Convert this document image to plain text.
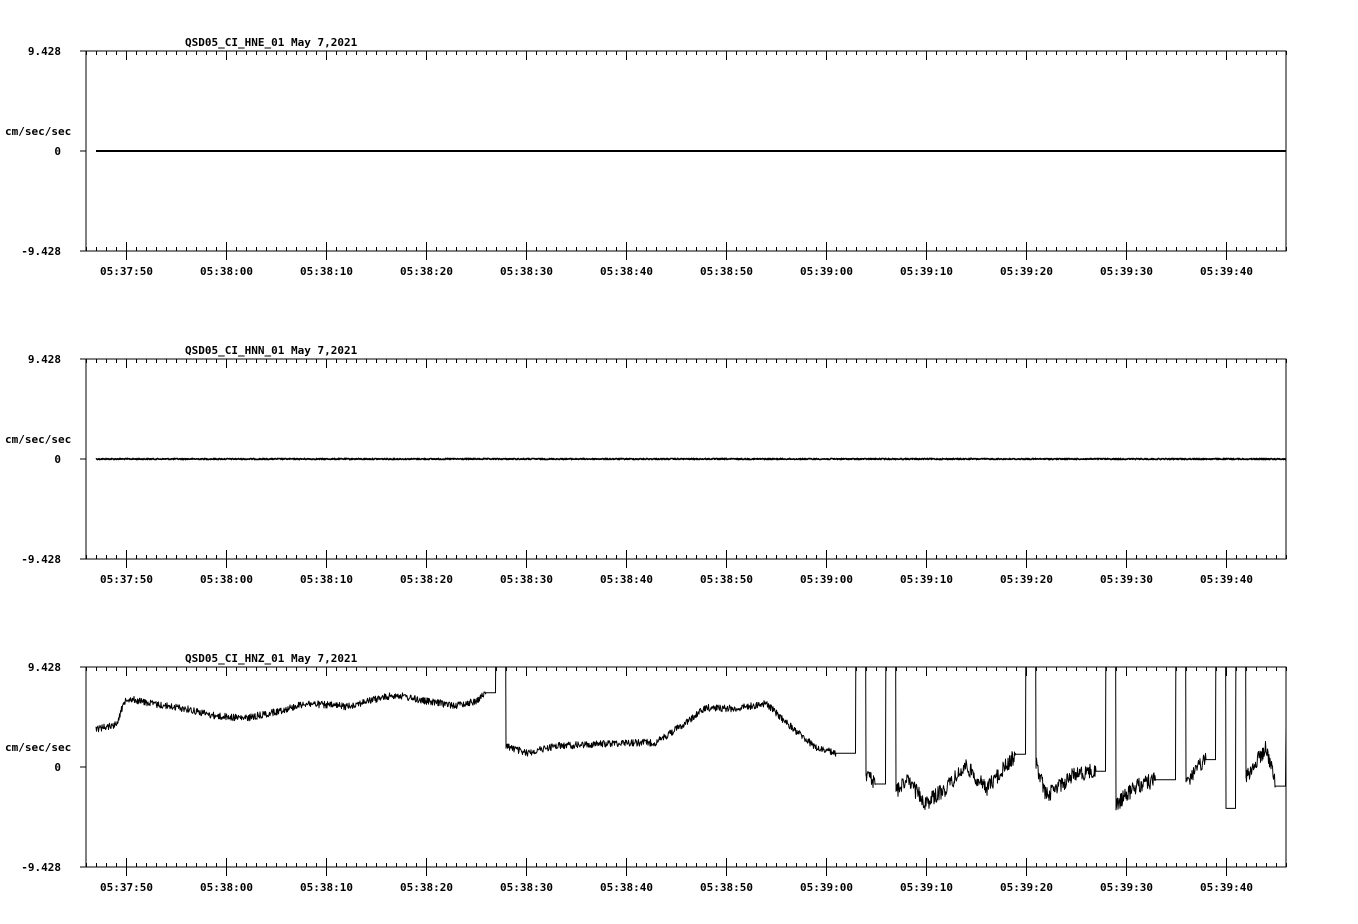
05:37:50	05:38:00	05:38:10	05:38:20	05:38:30	05:38:40	05:38:50	05:39:00	05:39:10	05:39:20	05:39:30	05:39:40
9.428
0
-9.428
cm/sec/sec
QSD05_CI_HNE_01 May 7,2021
05:37:50	05:38:00	05:38:10	05:38:20	05:38:30	05:38:40	05:38:50	05:39:00	05:39:10	05:39:20	05:39:30	05:39:40
9.428
0
-9.428
cm/sec/sec
QSD05_CI_HNN_01 May 7,2021
05:37:50	05:38:00	05:38:10	05:38:20	05:38:30	05:38:40	05:38:50	05:39:00	05:39:10	05:39:20	05:39:30	05:39:40
9.428
0
-9.428
cm/sec/sec
QSD05_CI_HNZ_01 May 7,2021
